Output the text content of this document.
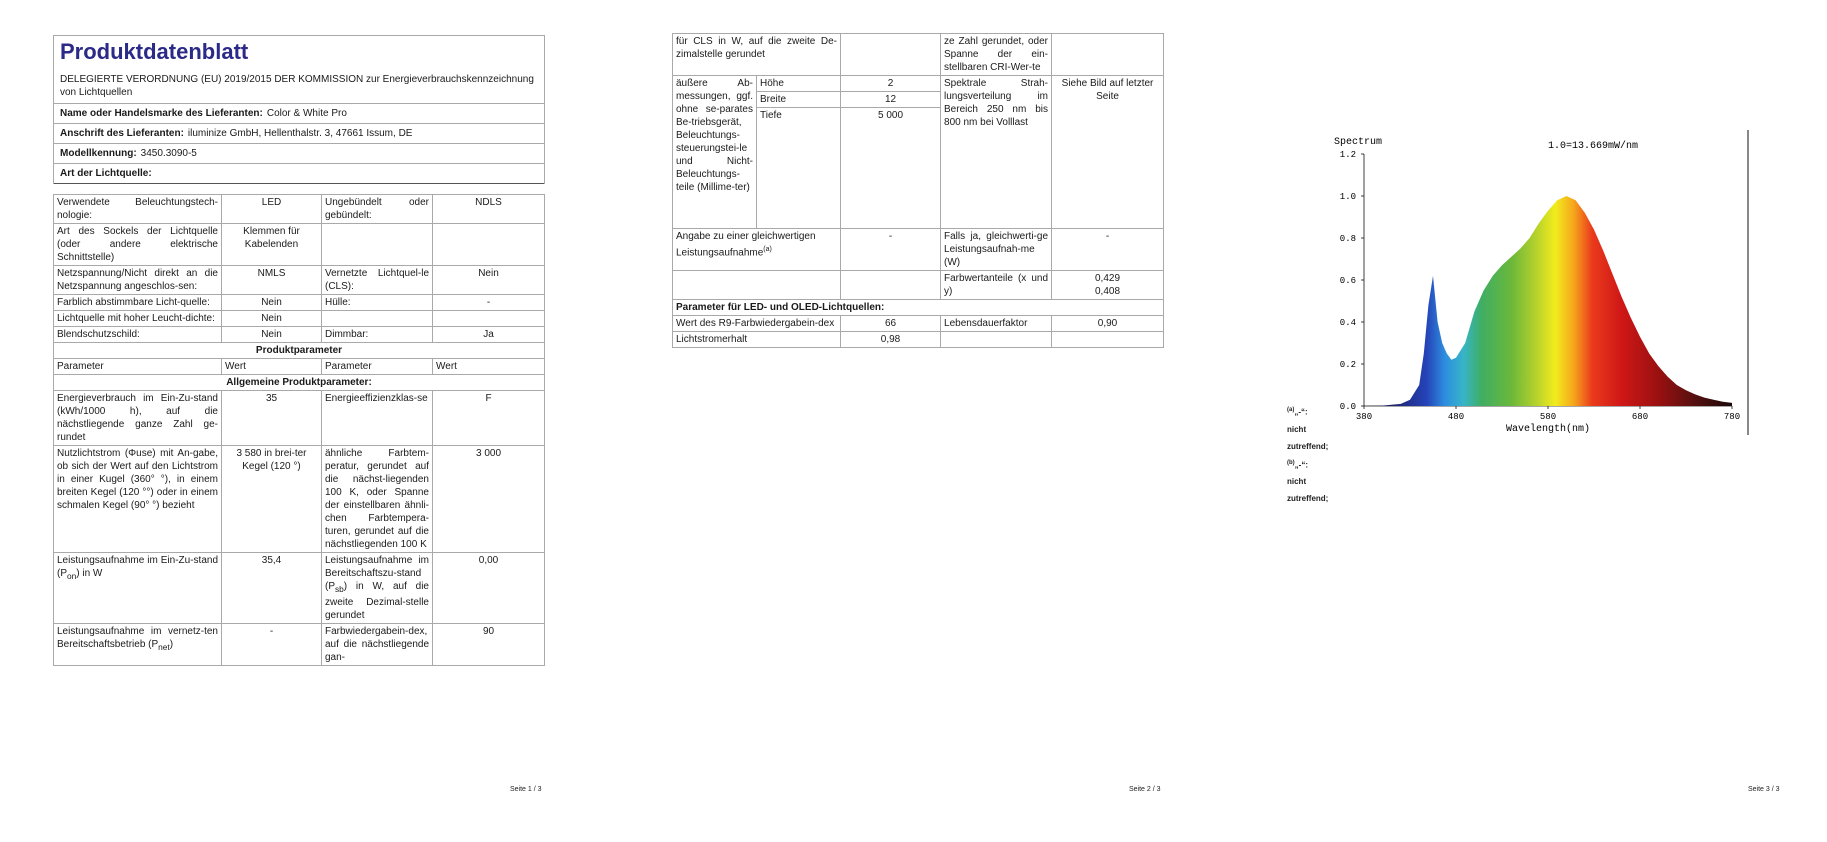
Produktdatenblatt
DELEGIERTE VERORDNUNG (EU) 2019/2015 DER KOMMISSION zur Energieverbrauchskennzeichnung von Lichtquellen
Name oder Handelsmarke des Lieferanten: Color & White Pro
Anschrift des Lieferanten: iluminize GmbH, Hellenthalstr. 3, 47661 Issum, DE
Modellkennung: 3450.3090-5
Art der Lichtquelle:
Verwendete Beleuchtungstech-nologie:	LED	Ungebündelt oder gebündelt:	NDLS
Art des Sockels der Lichtquelle (oder andere elektrische Schnittstelle)	Klemmen für Kabelenden		
Netzspannung/Nicht direkt an die Netzspannung angeschlos-sen:	NMLS	Vernetzte Lichtquel-le (CLS):	Nein
Farblich abstimmbare Licht-quelle:	Nein	Hülle:	-
Lichtquelle mit hoher Leucht-dichte:	Nein		
Blendschutzschild:	Nein	Dimmbar:	Ja
Produktparameter			
Parameter	Wert	Parameter	Wert
Allgemeine Produktparameter:			
Energieverbrauch im Ein-Zu-stand (kWh/1000 h), auf die nächstliegende ganze Zahl ge-rundet	35	Energieeffizienzklas-se	F
Nutzlichtstrom (Φuse) mit An-gabe, ob sich der Wert auf den Lichtstrom in einer Kugel (360° °), in einem breiten Kegel (120 °°) oder in einem schmalen Kegel (90° °) bezieht	3 580 in brei-ter Kegel (120 °)	ähnliche Farbtem-peratur, gerundet auf die nächst-liegenden 100 K, oder Spanne der einstellbaren ähnli-chen Farbtempera-turen, gerundet auf die nächstliegenden 100 K	3 000
Leistungsaufnahme im Ein-Zu-stand $(P_{on})$ in W	35,4	Leistungsaufnahme im Bereitschaftszu-stand $(P_{sb})$ in W, auf die zweite Dezimal-stelle gerundet	0,00
Leistungsaufnahme im vernetz-ten Bereitschaftsbetrieb $(P_{net})$	-	Farbwiedergabein-dex, auf die nächstliegende gan-	90
Seite 1 / 3
für CLS in W, auf die zweite De-zimalstelle gerundet			ze Zahl gerundet, oder Spanne der ein-stellbaren CRI-Wer-te	
äußere Ab-messungen, ggf. ohne se-parates Be-triebsgerät, Beleuchtungs-steuerungstei-le und Nicht-Beleuchtungs-teile (Millime-ter)	Höhe	2	Spektrale Strah-lungsverteilung im Bereich 250 nm bis 800 nm bei Volllast	Siehe Bild auf letzter Seite
	Breite	12		
	Tiefe	5 000		
Angabe zu einer gleichwertigen Leistungsaufnahme$^{(a)}$		-	Falls ja, gleichwerti-ge Leistungsaufnah-me (W)	-
			Farbwertanteile (x und y)	0,429
0,408

Parameter für LED- und OLED-Lichtquellen:				
Wert des R9-Farbwiedergabein-dex		66	Lebensdauerfaktor	0,90
Lichtstromerhalt		0,98		
$^{(a)}$„-“: nicht zutreffend;
$^{(b)}$„-“: nicht zutreffend;
Seite 2 / 3	Seite 3 / 3
Spectrum	1.0=13.669mW/nm
Wavelength(nm)
0.0
0.2
0.4
0.6
0.8
1.0
1.2
380	480	580	680	780
